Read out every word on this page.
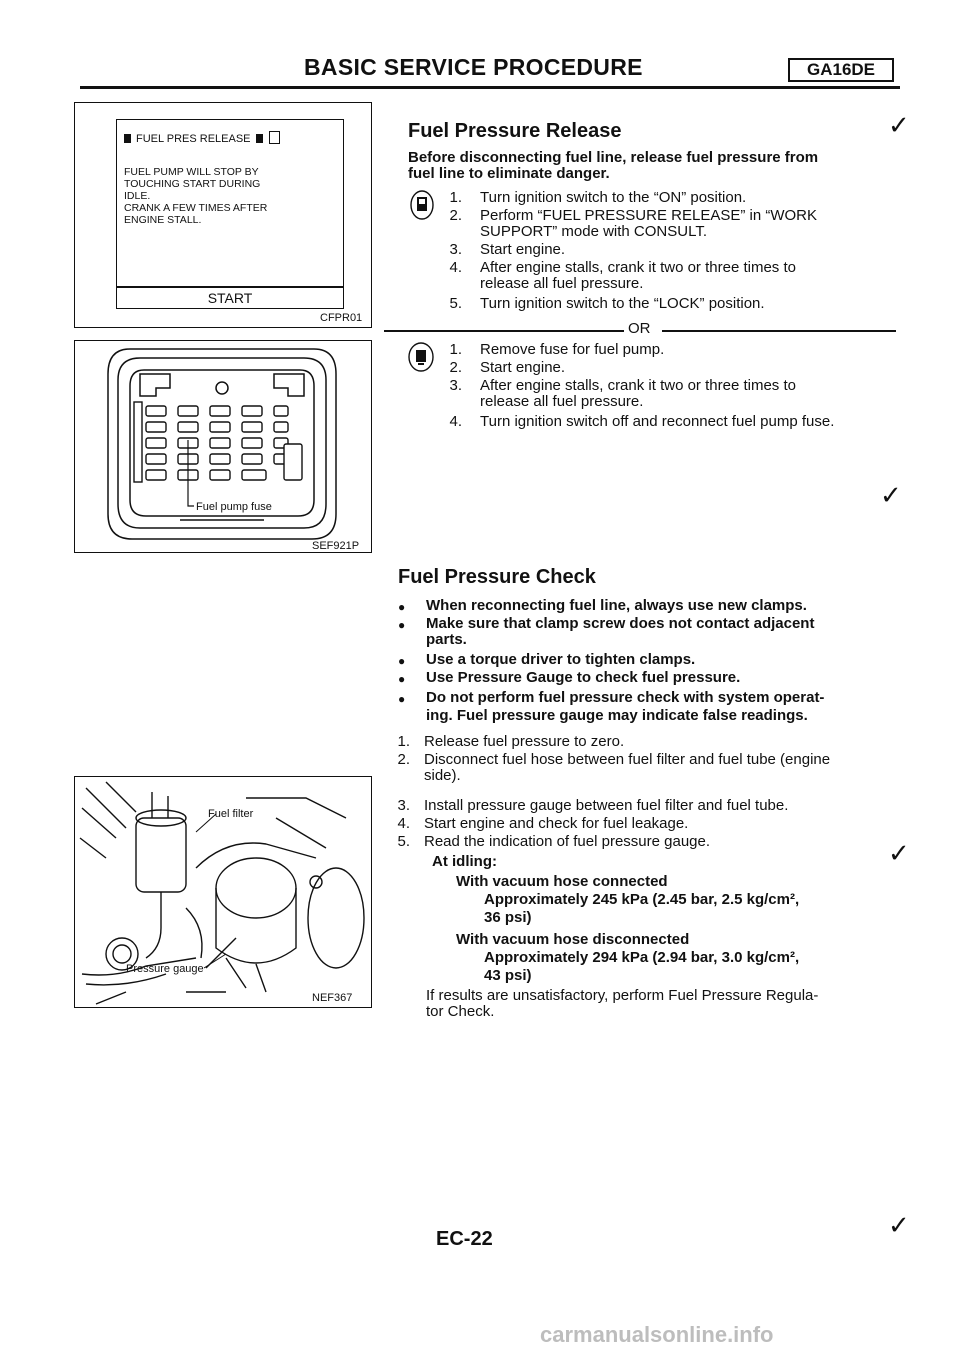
BASIC SERVICE PROCEDURE	GA16DE
FUEL PRES RELEASE
FUEL PUMP WILL STOP BY
TOUCHING START DURING
IDLE.
CRANK A FEW TIMES AFTER
ENGINE STALL.
START
CFPR01
Fuel pump fuse
SEF921P
Fuel filter
Pressure gauge
NEF367
Fuel Pressure Release	✓
Before disconnecting fuel line, release fuel pressure from
fuel line to eliminate danger.
1. Turn ignition switch to the “ON” position.
2. Perform “FUEL PRESSURE RELEASE” in “WORK
SUPPORT” mode with CONSULT.
3. Start engine.
4. After engine stalls, crank it two or three times to
release all fuel pressure.
5. Turn ignition switch to the “LOCK” position.
OR
1. Remove fuse for fuel pump.
2. Start engine.
3. After engine stalls, crank it two or three times to
release all fuel pressure.
4. Turn ignition switch off and reconnect fuel pump fuse.
✓
Fuel Pressure Check
● When reconnecting fuel line, always use new clamps.
● Make sure that clamp screw does not contact adjacent
parts.
● Use a torque driver to tighten clamps.
● Use Pressure Gauge to check fuel pressure.
● Do not perform fuel pressure check with system operat-
ing. Fuel pressure gauge may indicate false readings.
1. Release fuel pressure to zero.
2. Disconnect fuel hose between fuel filter and fuel tube (engine
side).
3. Install pressure gauge between fuel filter and fuel tube.
4. Start engine and check for fuel leakage.
5. Read the indication of fuel pressure gauge.	✓
At idling:
With vacuum hose connected
Approximately 245 kPa (2.45 bar, 2.5 kg/cm²,
36 psi)
With vacuum hose disconnected
Approximately 294 kPa (2.94 bar, 3.0 kg/cm²,
43 psi)
If results are unsatisfactory, perform Fuel Pressure Regula-
tor Check.
✓
EC-22
carmanualsonline.info
